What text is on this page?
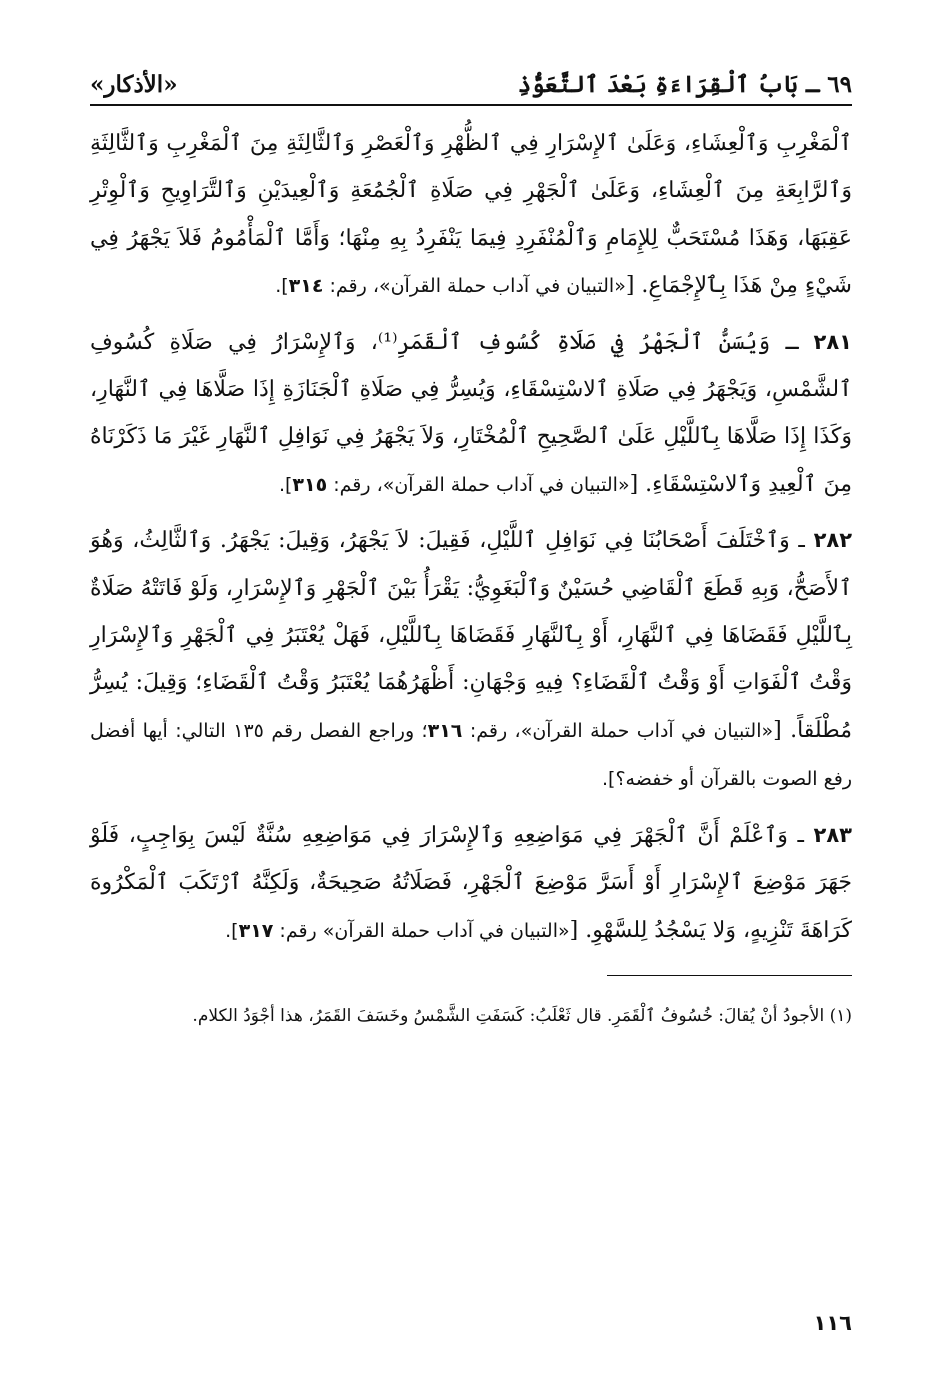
٦٩ ـ بَابُ ٱلْقِرَاءَةِ بَعْدَ ٱلتَّعَوُّذِ
«الأذكار»

ٱلْمَغْرِبِ وَٱلْعِشَاءِ، وَعَلَىٰ ٱلإِسْرَارِ فِي ٱلظُّهْرِ وَٱلْعَصْرِ وَٱلثَّالِثَةِ مِنَ ٱلْمَغْرِبِ وَٱلثَّالِثَةِ وَٱلرَّابِعَةِ مِنَ ٱلْعِشَاءِ، وَعَلَىٰ ٱلْجَهْرِ فِي صَلَاةِ ٱلْجُمُعَةِ وَٱلْعِيدَيْنِ وَٱلتَّرَاوِيحِ وَٱلْوِتْرِ عَقِبَهَا، وَهَذَا مُسْتَحَبٌّ لِلإِمَامِ وَٱلْمُنْفَرِدِ فِيمَا يَنْفَرِدُ بِهِ مِنْهَا؛ وَأَمَّا ٱلْمَأْمُومُ فَلاَ يَجْهَرُ فِي شَيْءٍ مِنْ هَذَا بِٱلإِجْمَاعِ. [«التبيان في آداب حملة القرآن»، رقم: ٣١٤].

٢٨١ ـ وَيُسَنُّ ٱلْجَهْرُ فِي صَلَاةِ كُسُوفِ ٱلْقَمَرِ⁽¹⁾، وَٱلإِسْرَارُ فِي صَلَاةِ كُسُوفِ ٱلشَّمْسِ، وَيَجْهَرُ فِي صَلَاةِ ٱلاسْتِسْقَاءِ، وَيُسِرُّ فِي صَلَاةِ ٱلْجَنَازَةِ إِذَا صَلَّاهَا فِي ٱلنَّهَارِ، وَكَذَا إِذَا صَلَّاهَا بِٱللَّيْلِ عَلَىٰ ٱلصَّحِيحِ ٱلْمُخْتَارِ، وَلاَ يَجْهَرُ فِي نَوَافِلِ ٱلنَّهَارِ غَيْرَ مَا ذَكَرْنَاهُ مِنَ ٱلْعِيدِ وَٱلاسْتِسْقَاءِ. [«التبيان في آداب حملة القرآن»، رقم: ٣١٥].

٢٨٢ ـ وَٱخْتَلَفَ أَصْحَابُنَا فِي نَوَافِلِ ٱللَّيْلِ، فَقِيلَ: لاَ يَجْهَرُ، وَقِيلَ: يَجْهَرُ. وَٱلثَّالِثُ، وَهُوَ ٱلأَصَحُّ، وَبِهِ قَطَعَ ٱلْقَاضِي حُسَيْنٌ وَٱلْبَغَوِيُّ: يَقْرَأُ بَيْنَ ٱلْجَهْرِ وَٱلإِسْرَارِ، وَلَوْ فَاتَتْهُ صَلَاةٌ بِٱللَّيْلِ فَقَضَاهَا فِي ٱلنَّهَارِ، أَوْ بِٱلنَّهَارِ فَقَضَاهَا بِٱللَّيْلِ، فَهَلْ يُعْتَبَرُ فِي ٱلْجَهْرِ وَٱلإِسْرَارِ وَقْتُ ٱلْفَوَاتِ أَوْ وَقْتُ ٱلْقَضَاءِ؟ فِيهِ وَجْهَانِ: أَظْهَرُهُمَا يُعْتَبَرُ وَقْتُ ٱلْقَضَاءِ؛ وَقِيلَ: يُسِرُّ مُطْلَقاً. [«التبيان في آداب حملة القرآن»، رقم: ٣١٦؛ وراجع الفصل رقم ١٣٥ التالي: أيها أفضل رفع الصوت بالقرآن أو خفضه؟].

٢٨٣ ـ وَٱعْلَمْ أَنَّ ٱلْجَهْرَ فِي مَوَاضِعِهِ وَٱلإِسْرَارَ فِي مَوَاضِعِهِ سُنَّةٌ لَيْسَ بِوَاجِبٍ، فَلَوْ جَهَرَ مَوْضِعَ ٱلإِسْرَارِ أَوْ أَسَرَّ مَوْضِعَ ٱلْجَهْرِ، فَصَلَاتُهُ صَحِيحَةٌ، وَلَكِنَّهُ ٱرْتَكَبَ ٱلْمَكْرُوهَ كَرَاهَةَ تَنْزِيهٍ، وَلا يَسْجُدُ لِلسَّهْوِ. [«التبيان في آداب حملة القرآن» رقم: ٣١٧].

(١) الأجودُ أنْ يُقالَ: خُسُوفُ ٱلْقَمَرِ. قال ثَعْلَبُ: كَسَفَتِ الشَّمْسُ وخَسَفَ القَمَرُ، هذا أجْوَدُ الكلام.
١١٦
